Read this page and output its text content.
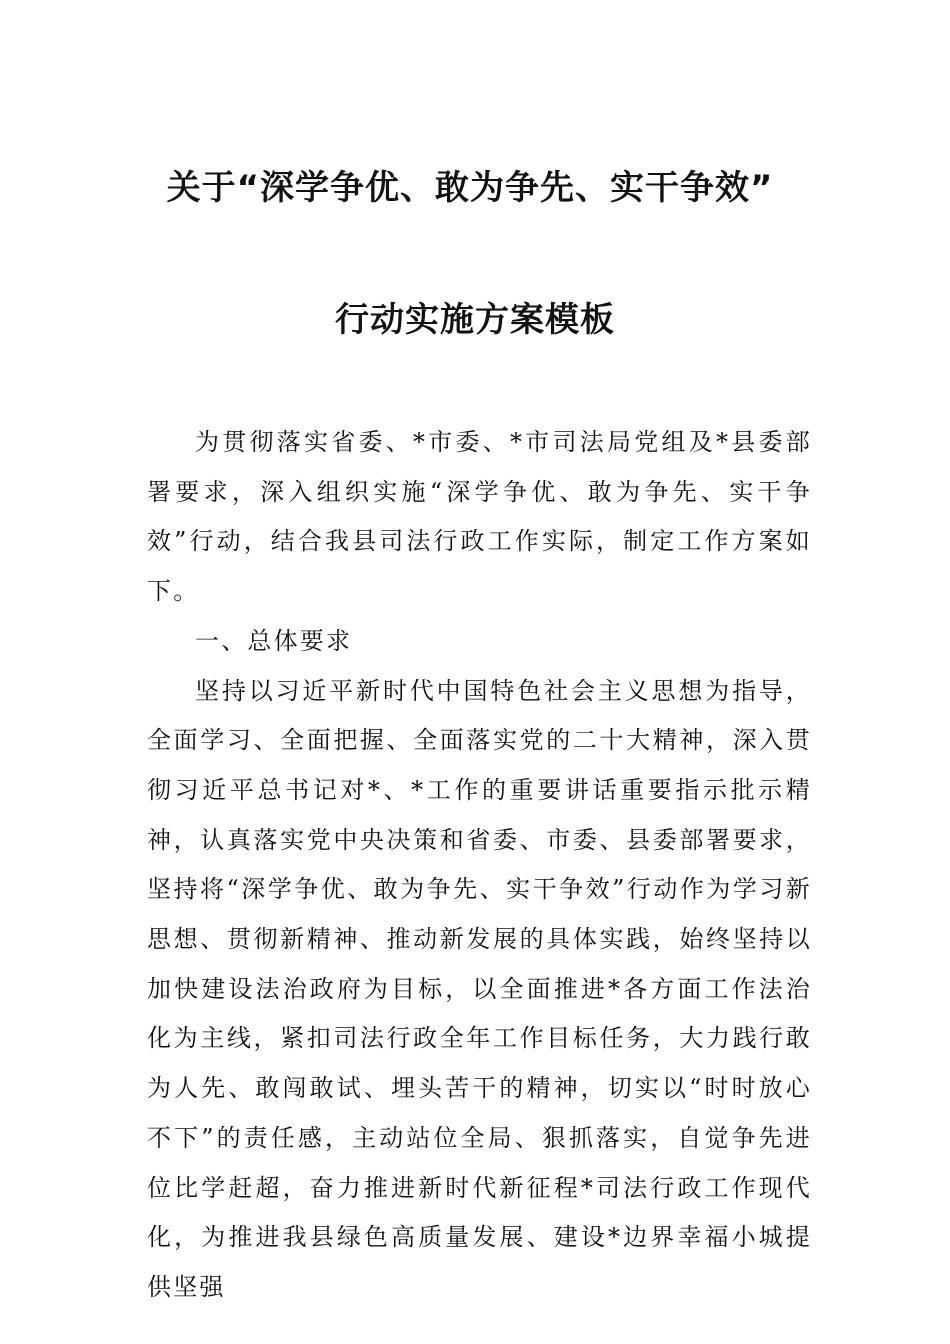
关于“深学争优、敢为争先、实干争效”
行动实施方案模板

为贯彻落实省委、*市委、*市司法局党组及*县委部署要求，深入组织实施“深学争优、敢为争先、实干争效”行动，结合我县司法行政工作实际，制定工作方案如下。

一、总体要求

坚持以习近平新时代中国特色社会主义思想为指导，全面学习、全面把握、全面落实党的二十大精神，深入贯彻习近平总书记对*、*工作的重要讲话重要指示批示精神，认真落实党中央决策和省委、市委、县委部署要求，坚持将“深学争优、敢为争先、实干争效”行动作为学习新思想、贯彻新精神、推动新发展的具体实践，始终坚持以加快建设法治政府为目标，以全面推进*各方面工作法治化为主线，紧扣司法行政全年工作目标任务，大力践行敢为人先、敢闯敢试、埋头苦干的精神，切实以“时时放心不下”的责任感，主动站位全局、狠抓落实，自觉争先进位比学赶超，奋力推进新时代新征程*司法行政工作现代化，为推进我县绿色高质量发展、建设*边界幸福小城提供坚强
